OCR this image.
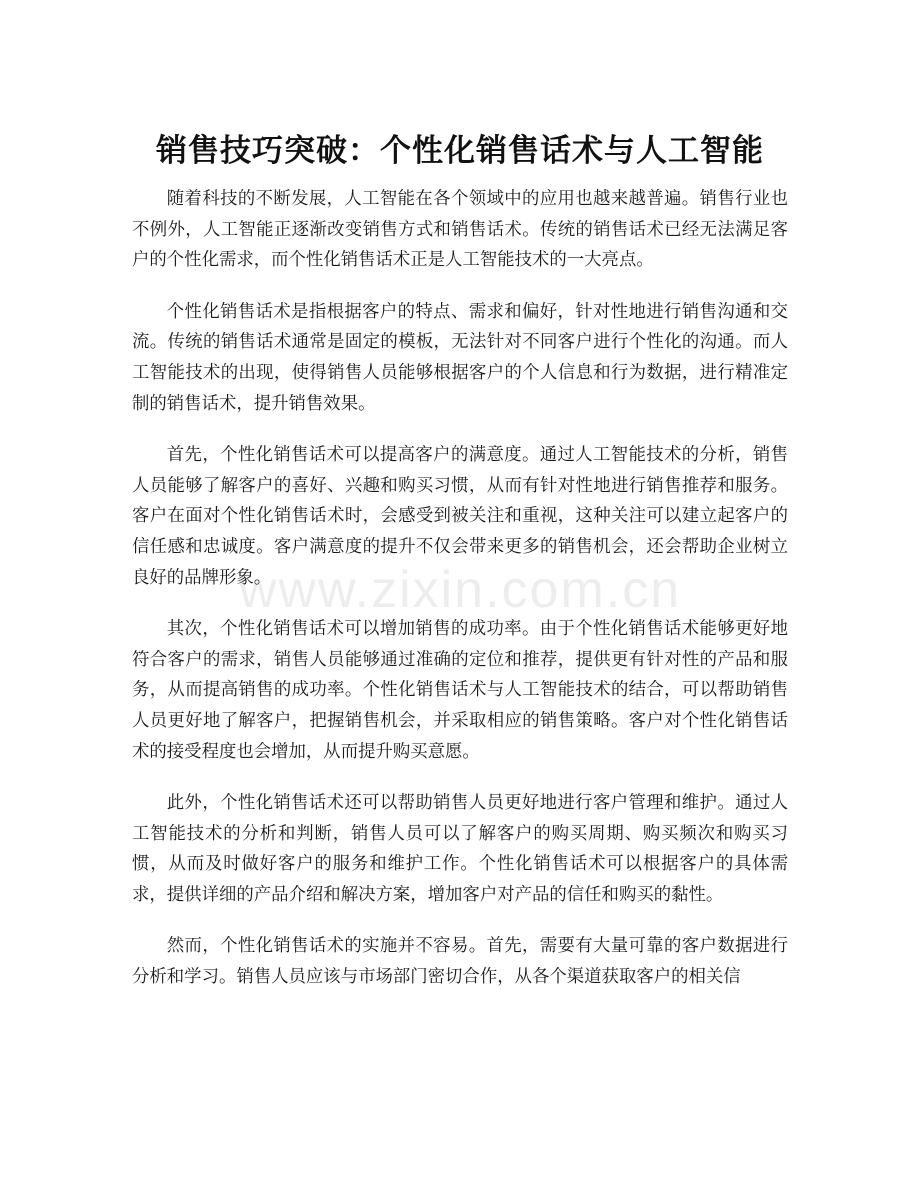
销售技巧突破：个性化销售话术与人工智能

随着科技的不断发展，人工智能在各个领域中的应用也越来越普遍。销售行业也不例外，人工智能正逐渐改变销售方式和销售话术。传统的销售话术已经无法满足客户的个性化需求，而个性化销售话术正是人工智能技术的一大亮点。

个性化销售话术是指根据客户的特点、需求和偏好，针对性地进行销售沟通和交流。传统的销售话术通常是固定的模板，无法针对不同客户进行个性化的沟通。而人工智能技术的出现，使得销售人员能够根据客户的个人信息和行为数据，进行精准定制的销售话术，提升销售效果。

首先，个性化销售话术可以提高客户的满意度。通过人工智能技术的分析，销售人员能够了解客户的喜好、兴趣和购买习惯，从而有针对性地进行销售推荐和服务。客户在面对个性化销售话术时，会感受到被关注和重视，这种关注可以建立起客户的信任感和忠诚度。客户满意度的提升不仅会带来更多的销售机会，还会帮助企业树立良好的品牌形象。

其次，个性化销售话术可以增加销售的成功率。由于个性化销售话术能够更好地符合客户的需求，销售人员能够通过准确的定位和推荐，提供更有针对性的产品和服务，从而提高销售的成功率。个性化销售话术与人工智能技术的结合，可以帮助销售人员更好地了解客户，把握销售机会，并采取相应的销售策略。客户对个性化销售话术的接受程度也会增加，从而提升购买意愿。

此外，个性化销售话术还可以帮助销售人员更好地进行客户管理和维护。通过人工智能技术的分析和判断，销售人员可以了解客户的购买周期、购买频次和购买习惯，从而及时做好客户的服务和维护工作。个性化销售话术可以根据客户的具体需求，提供详细的产品介绍和解决方案，增加客户对产品的信任和购买的黏性。

然而，个性化销售话术的实施并不容易。首先，需要有大量可靠的客户数据进行分析和学习。销售人员应该与市场部门密切合作，从各个渠道获取客户的相关信

www.zixin.com.cn
